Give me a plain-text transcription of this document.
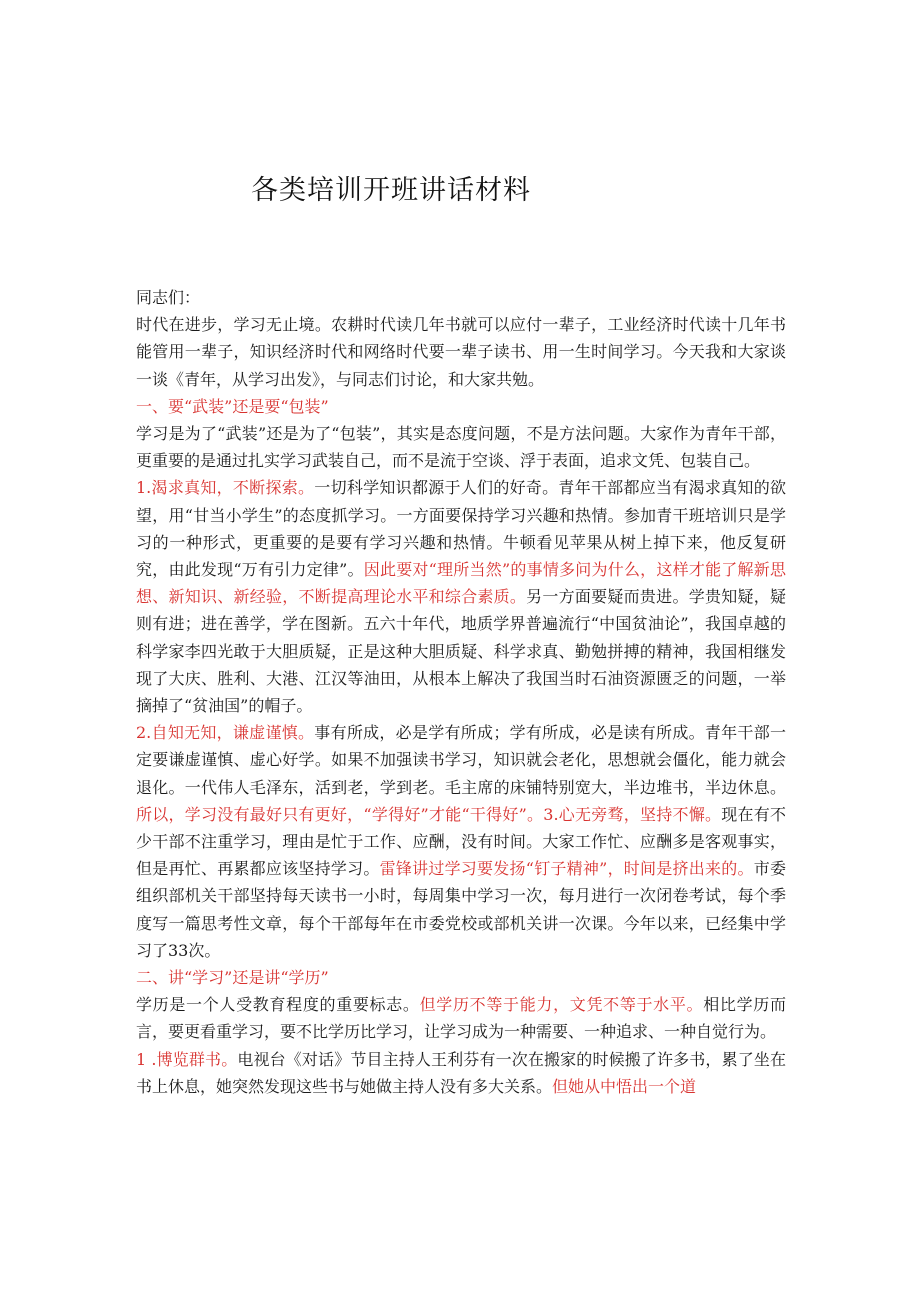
各类培训开班讲话材料

同志们：

时代在进步，学习无止境。农耕时代读几年书就可以应付一辈子，工业经济时代读十几年书能管用一辈子，知识经济时代和网络时代要一辈子读书、用一生时间学习。今天我和大家谈一谈《青年，从学习出发》，与同志们讨论，和大家共勉。

一、要“武装”还是要“包装”

学习是为了“武装”还是为了“包装”，其实是态度问题，不是方法问题。大家作为青年干部，更重要的是通过扎实学习武装自己，而不是流于空谈、浮于表面，追求文凭、包装自己。

1.渴求真知，不断探索。一切科学知识都源于人们的好奇。青年干部都应当有渴求真知的欲望，用“甘当小学生”的态度抓学习。一方面要保持学习兴趣和热情。参加青干班培训只是学习的一种形式，更重要的是要有学习兴趣和热情。牛顿看见苹果从树上掉下来，他反复研究，由此发现“万有引力定律”。因此要对“理所当然”的事情多问为什么，这样才能了解新思想、新知识、新经验，不断提高理论水平和综合素质。另一方面要疑而贵进。学贵知疑，疑则有进；进在善学，学在图新。五六十年代，地质学界普遍流行“中国贫油论”，我国卓越的科学家李四光敢于大胆质疑，正是这种大胆质疑、科学求真、勤勉拼搏的精神，我国相继发现了大庆、胜利、大港、江汉等油田，从根本上解决了我国当时石油资源匮乏的问题，一举摘掉了“贫油国”的帽子。

2.自知无知，谦虚谨慎。事有所成，必是学有所成；学有所成，必是读有所成。青年干部一定要谦虚谨慎、虚心好学。如果不加强读书学习，知识就会老化，思想就会僵化，能力就会退化。一代伟人毛泽东，活到老，学到老。毛主席的床铺特别宽大，半边堆书，半边休息。所以，学习没有最好只有更好，“学得好”才能“干得好”。3.心无旁骛，坚持不懈。现在有不少干部不注重学习，理由是忙于工作、应酬，没有时间。大家工作忙、应酬多是客观事实，但是再忙、再累都应该坚持学习。雷锋讲过学习要发扬“钉子精神”，时间是挤出来的。市委组织部机关干部坚持每天读书一小时，每周集中学习一次，每月进行一次闭卷考试，每个季度写一篇思考性文章，每个干部每年在市委党校或部机关讲一次课。今年以来，已经集中学习了33次。

二、讲“学习”还是讲“学历”

学历是一个人受教育程度的重要标志。但学历不等于能力，文凭不等于水平。相比学历而言，要更看重学习，要不比学历比学习，让学习成为一种需要、一种追求、一种自觉行为。

1 .博览群书。电视台《对话》节目主持人王利芬有一次在搬家的时候搬了许多书，累了坐在书上休息，她突然发现这些书与她做主持人没有多大关系。但她从中悟出一个道
